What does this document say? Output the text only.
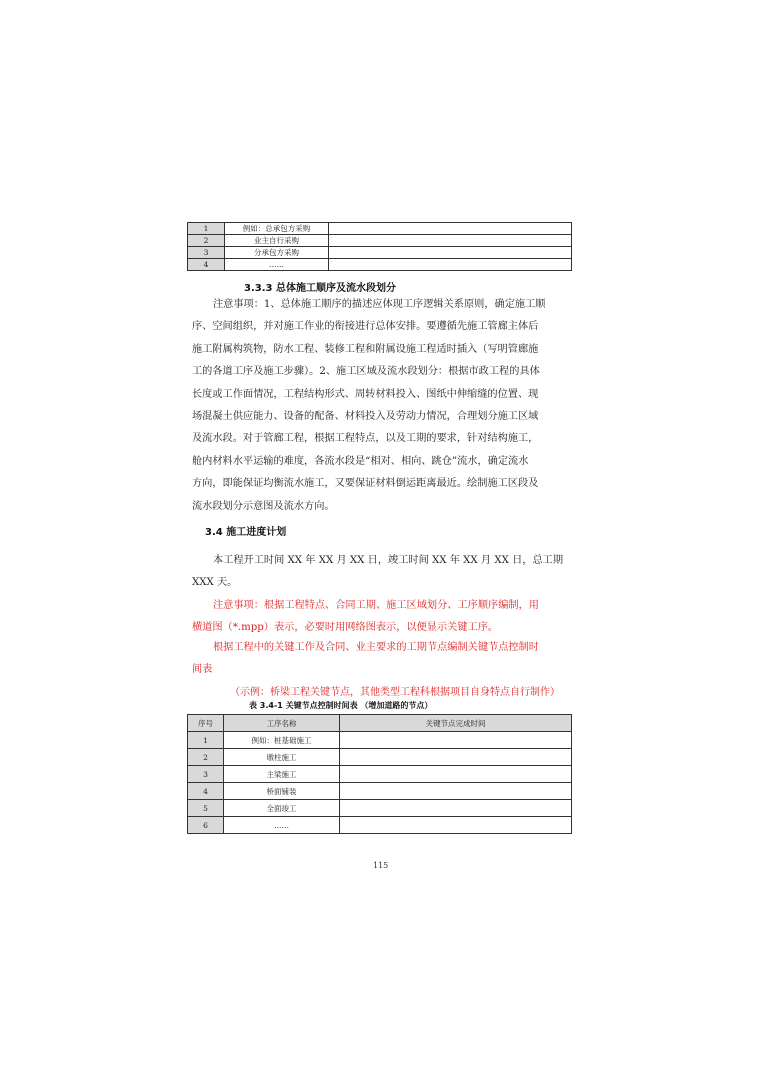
1	例如：总承包方采购	
2	业主自行采购	
3	分承包方采购	
4	……	
3.3.3 总体施工顺序及流水段划分
注意事项：1、总体施工顺序的描述应体现工序逻辑关系原则，确定施工顺
序、空间组织，并对施工作业的衔接进行总体安排。要遵循先施工管廊主体后
施工附属构筑物，防水工程、装修工程和附属设施工程适时插入（写明管廊施
工的各道工序及施工步骤）。2、施工区域及流水段划分：根据市政工程的具体
长度或工作面情况，工程结构形式、周转材料投入、图纸中伸缩缝的位置、现
场混凝土供应能力、设备的配备、材料投入及劳动力情况，合理划分施工区域
及流水段。对于管廊工程，根据工程特点，以及工期的要求，针对结构施工，
舱内材料水平运输的难度，各流水段是“相对、相向、跳仓”流水，确定流水
方向，即能保证均衡流水施工，又要保证材料倒运距离最近。绘制施工区段及
流水段划分示意图及流水方向。
3.4 施工进度计划
本工程开工时间 XX 年 XX 月 XX 日，竣工时间 XX 年 XX 月 XX 日，总工期
XXX 天。
注意事项：根据工程特点、合同工期、施工区域划分、工序顺序编制，用
横道图（*.mpp）表示，必要时用网络图表示，以便显示关键工序。
根据工程中的关键工作及合同、业主要求的工期节点编制关键节点控制时
间表
（示例：桥梁工程关键节点，其他类型工程科根据项目自身特点自行制作）
表 3.4-1 关键节点控制时间表 （增加道路的节点）
序号	工序名称	关键节点完成时间
1	例如：桩基础施工	
2	墩柱施工	
3	主梁施工	
4	桥面铺装	
5	全面竣工	
6	……	
115
